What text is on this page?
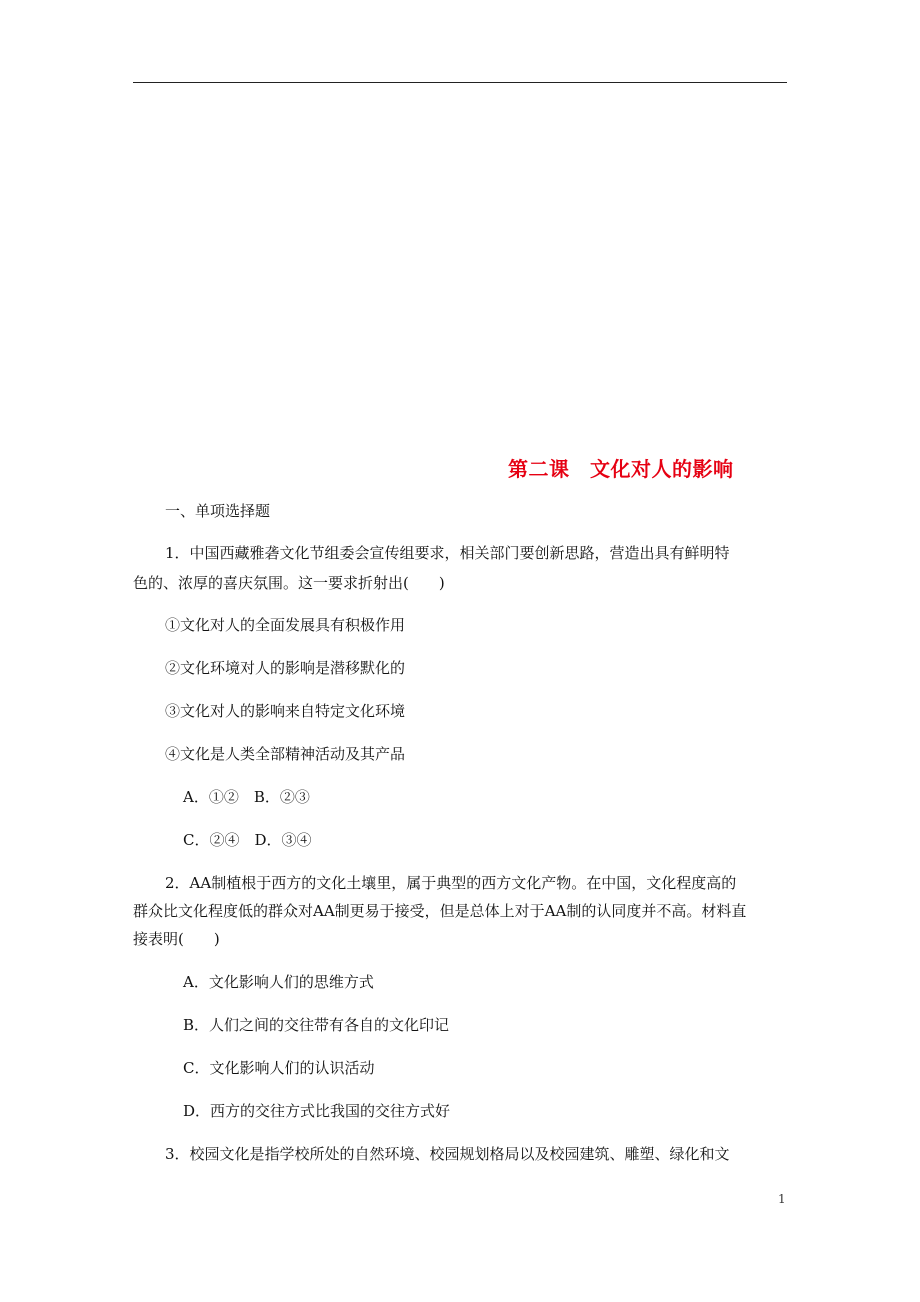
第二课　文化对人的影响
一、单项选择题
1．中国西藏雅砻文化节组委会宣传组要求，相关部门要创新思路，营造出具有鲜明特
色的、浓厚的喜庆氛围。这一要求折射出(　　)
①文化对人的全面发展具有积极作用
②文化环境对人的影响是潜移默化的
③文化对人的影响来自特定文化环境
④文化是人类全部精神活动及其产品
A．①②　B．②③
C．②④　D．③④
2．AA制植根于西方的文化土壤里，属于典型的西方文化产物。在中国，文化程度高的
群众比文化程度低的群众对AA制更易于接受，但是总体上对于AA制的认同度并不高。材料直
接表明(　　)
A．文化影响人们的思维方式
B．人们之间的交往带有各自的文化印记
C．文化影响人们的认识活动
D．西方的交往方式比我国的交往方式好
3．校园文化是指学校所处的自然环境、校园规划格局以及校园建筑、雕塑、绿化和文
1
